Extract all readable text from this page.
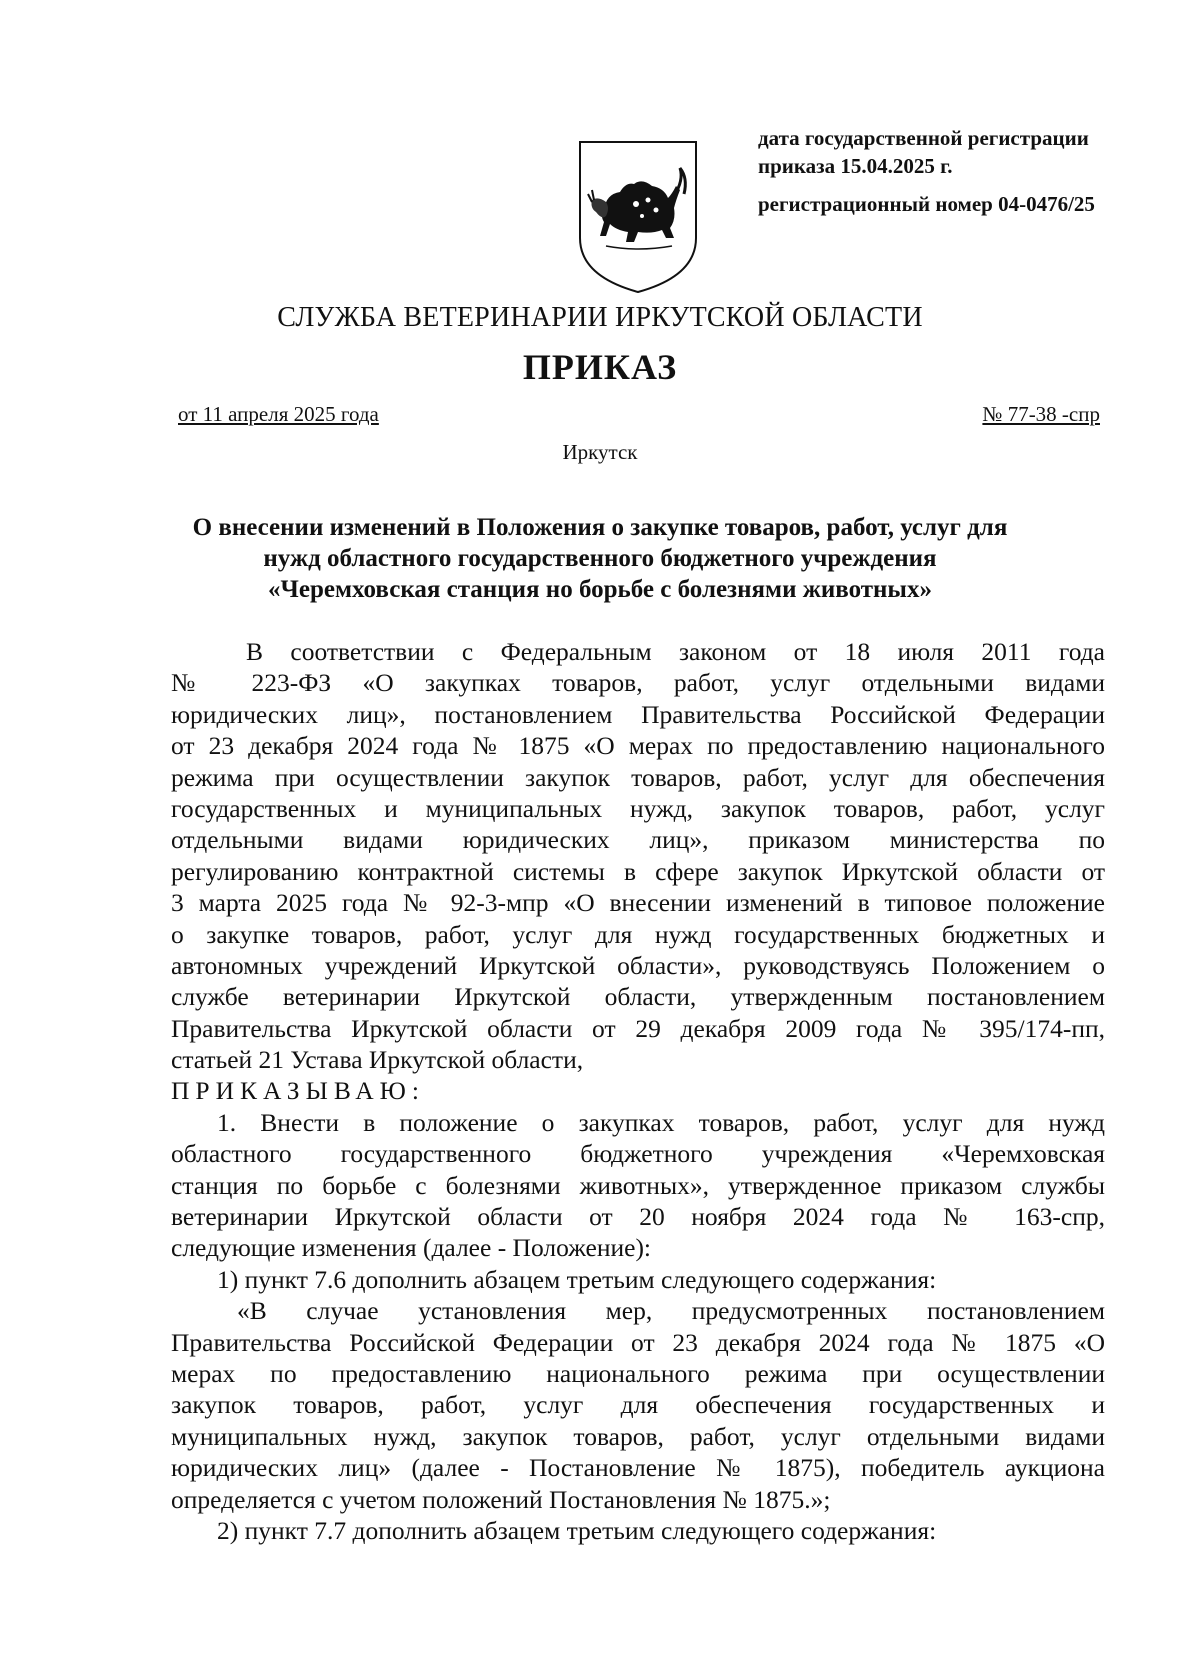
дата государственной регистрации
приказа 15.04.2025 г.
регистрационный номер 04-0476/25
СЛУЖБА ВЕТЕРИНАРИИ ИРКУТСКОЙ ОБЛАСТИ
ПРИКАЗ
от 11 апреля 2025 года	№ 77-38 -спр
Иркутск
О внесении изменений в Положения о закупке товаров, работ, услуг для
нужд областного государственного бюджетного учреждения
«Черемховская станция но борьбе с болезнями животных»
В соответствии с Федеральным законом от 18 июля 2011 года
№ 223-ФЗ «О закупках товаров, работ, услуг отдельными видами
юридических лиц», постановлением Правительства Российской Федерации
от 23 декабря 2024 года № 1875 «О мерах по предоставлению национального
режима при осуществлении закупок товаров, работ, услуг для обеспечения
государственных и муниципальных нужд, закупок товаров, работ, услуг
отдельными видами юридических лиц», приказом министерства по
регулированию контрактной системы в сфере закупок Иркутской области от
3 марта 2025 года № 92-3-мпр «О внесении изменений в типовое положение
о закупке товаров, работ, услуг для нужд государственных бюджетных и
автономных учреждений Иркутской области», руководствуясь Положением о
службе ветеринарии Иркутской области, утвержденным постановлением
Правительства Иркутской области от 29 декабря 2009 года № 395/174-пп,
статьей 21 Устава Иркутской области,
ПРИКАЗЫВАЮ:
1. Внести в положение о закупках товаров, работ, услуг для нужд
областного государственного бюджетного учреждения «Черемховская
станция по борьбе с болезнями животных», утвержденное приказом службы
ветеринарии Иркутской области от 20 ноября 2024 года № 163-спр,
следующие изменения (далее - Положение):
1) пункт 7.6 дополнить абзацем третьим следующего содержания:
«В случае установления мер, предусмотренных постановлением
Правительства Российской Федерации от 23 декабря 2024 года № 1875 «О
мерах по предоставлению национального режима при осуществлении
закупок товаров, работ, услуг для обеспечения государственных и
муниципальных нужд, закупок товаров, работ, услуг отдельными видами
юридических лиц» (далее - Постановление № 1875), победитель аукциона
определяется с учетом положений Постановления № 1875.»;
2) пункт 7.7 дополнить абзацем третьим следующего содержания:
